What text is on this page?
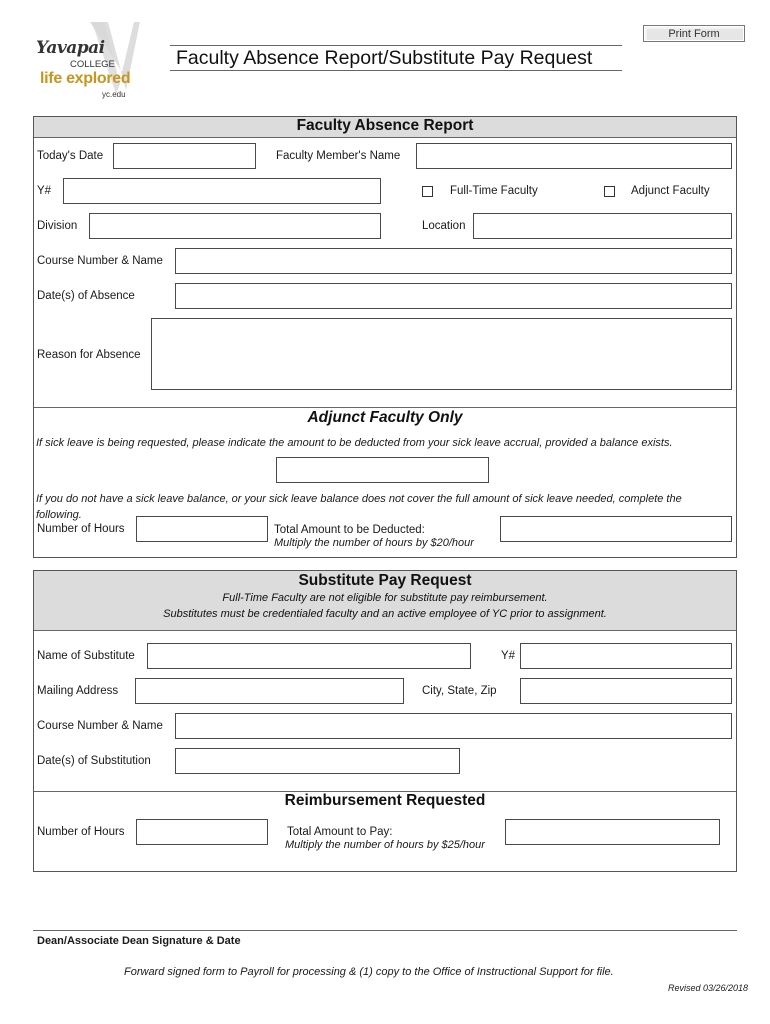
Print Form
Yavapai
COLLEGE
life explored
yc.edu
Faculty Absence Report/Substitute Pay Request
Faculty Absence Report
Today's Date	Faculty Member's Name
Y#	Full-Time Faculty	Adjunct Faculty
Division	Location
Course Number & Name
Date(s) of Absence
Reason for Absence
Adjunct Faculty Only
If sick leave is being requested, please indicate the amount to be deducted from your sick leave accrual, provided a balance exists.
If you do not have a sick leave balance, or your sick leave balance does not cover the full amount of sick leave needed, complete the following.
Number of Hours	Total Amount to be Deducted:
Multiply the number of hours by $20/hour
Substitute Pay Request
Full-Time Faculty are not eligible for substitute pay reimbursement.
Substitutes must be credentialed faculty and an active employee of YC prior to assignment.
Name of Substitute	Y#
Mailing Address	City, State, Zip
Course Number & Name
Date(s) of Substitution
Reimbursement Requested
Number of Hours	Total Amount to Pay:
Multiply the number of hours by $25/hour
Dean/Associate Dean Signature & Date
Forward signed form to Payroll for processing & (1) copy to the Office of Instructional Support for file.
Revised 03/26/2018
